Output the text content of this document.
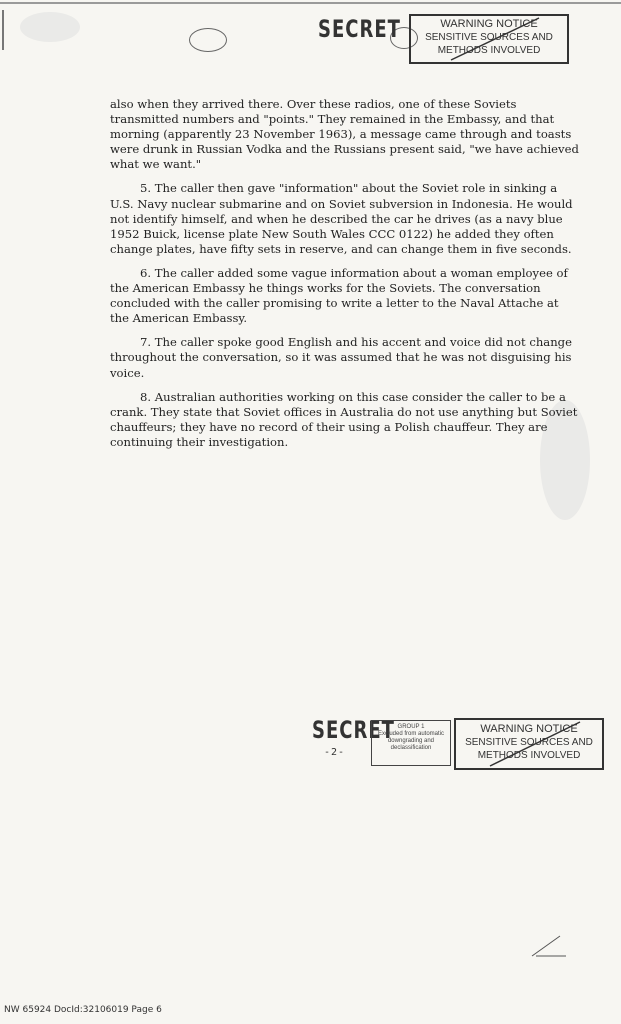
SECRET	WARNING NOTICE
SENSITIVE SOURCES AND
METHODS INVOLVED

also when they arrived there. Over these radios, one of these Soviets transmitted numbers and "points." They remained in the Embassy, and that morning (apparently 23 November 1963), a message came through and toasts were drunk in Russian Vodka and the Russians present said, "we have achieved what we want."

5. The caller then gave "information" about the Soviet role in sinking a U.S. Navy nuclear submarine and on Soviet subversion in Indonesia. He would not identify himself, and when he described the car he drives (as a navy blue 1952 Buick, license plate New South Wales CCC 0122) he added they often change plates, have fifty sets in reserve, and can change them in five seconds.

6. The caller added some vague information about a woman employee of the American Embassy he things works for the Soviets. The conversation concluded with the caller promising to write a letter to the Naval Attache at the American Embassy.

7. The caller spoke good English and his accent and voice did not change throughout the conversation, so it was assumed that he was not disguising his voice.

8. Australian authorities working on this case consider the caller to be a crank. They state that Soviet offices in Australia do not use anything but Soviet chauffeurs; they have no record of their using a Polish chauffeur. They are continuing their investigation.

SECRET
-2-
GROUP 1
Excluded from automatic
downgrading and
declassification
WARNING NOTICE
SENSITIVE SOURCES AND
METHODS INVOLVED
NW 65924 DocId:32106019 Page 6
